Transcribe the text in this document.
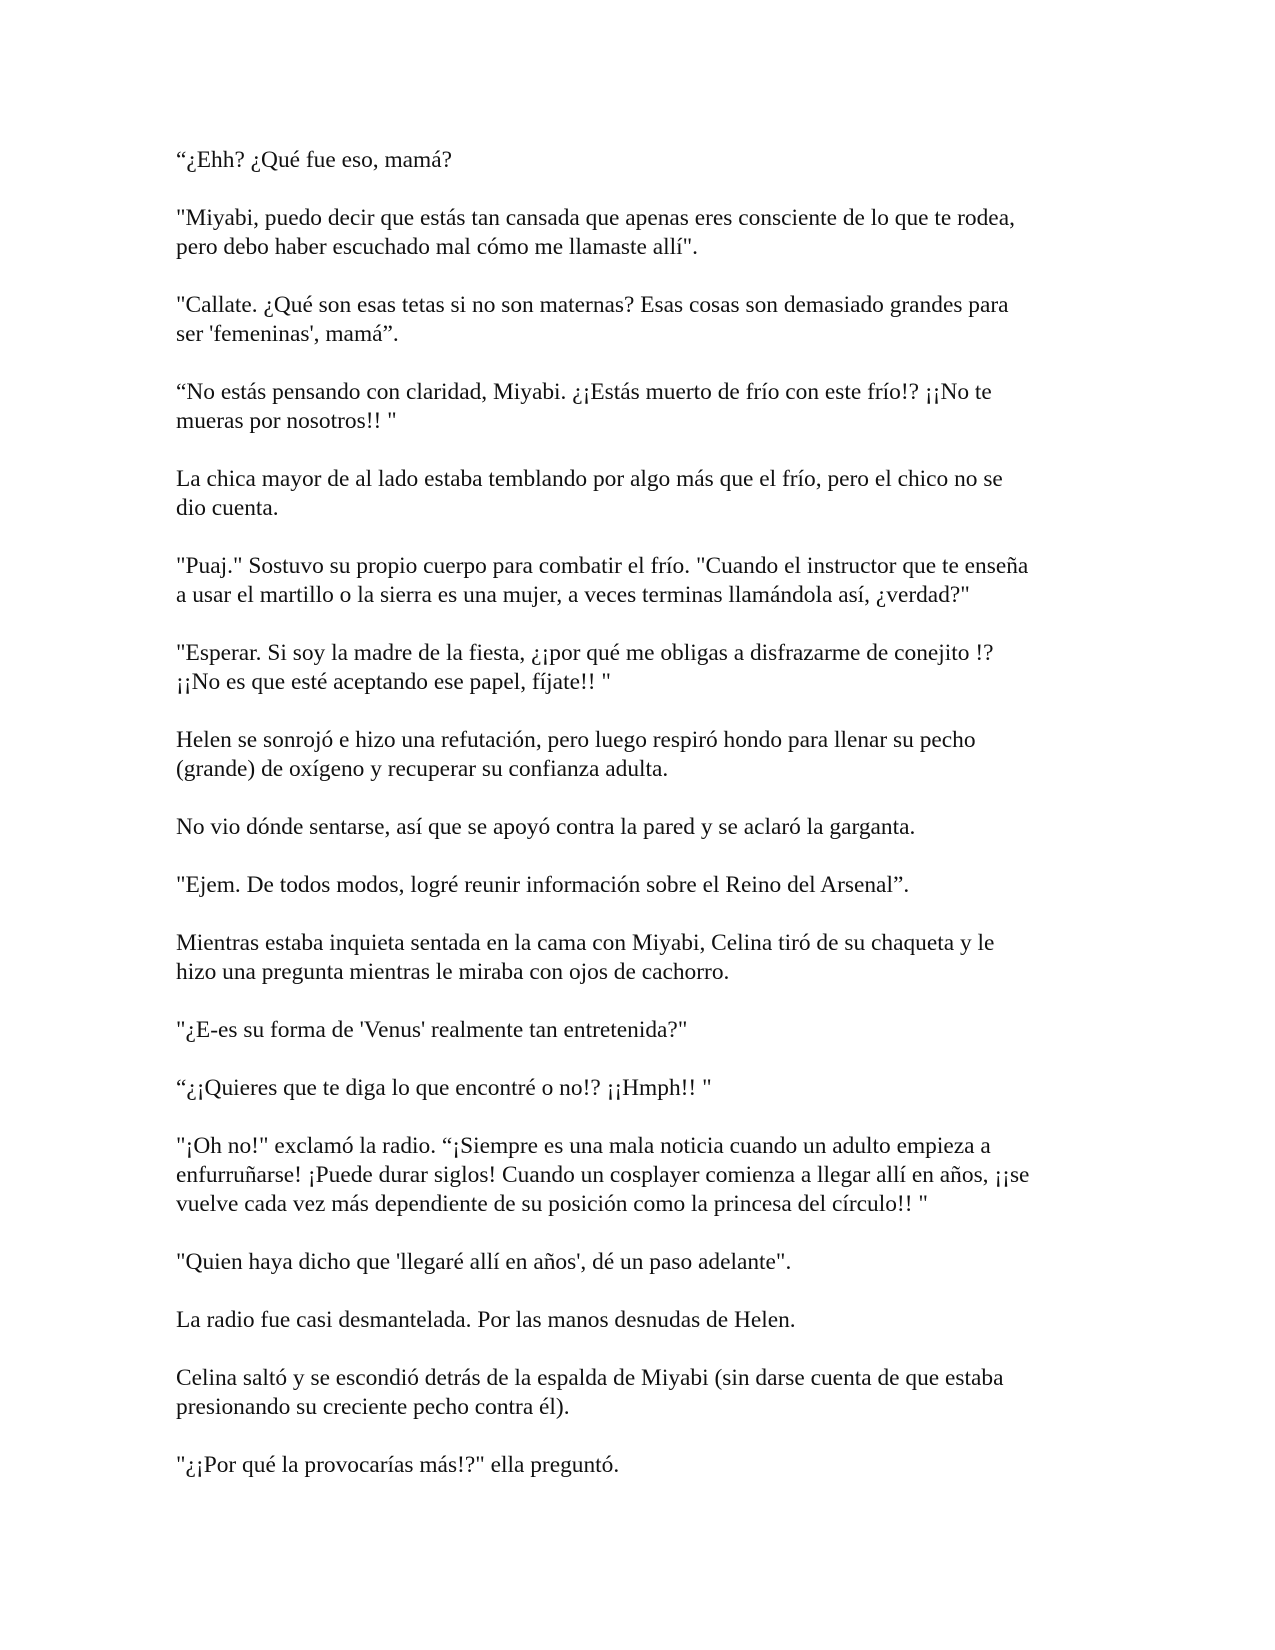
“¿Ehh? ¿Qué fue eso, mamá?

"Miyabi, puedo decir que estás tan cansada que apenas eres consciente de lo que te rodea,
pero debo haber escuchado mal cómo me llamaste allí".

"Callate. ¿Qué son esas tetas si no son maternas? Esas cosas son demasiado grandes para
ser 'femeninas', mamá”.

“No estás pensando con claridad, Miyabi. ¿¡Estás muerto de frío con este frío!? ¡¡No te
mueras por nosotros!! "

La chica mayor de al lado estaba temblando por algo más que el frío, pero el chico no se
dio cuenta.

"Puaj." Sostuvo su propio cuerpo para combatir el frío. "Cuando el instructor que te enseña
a usar el martillo o la sierra es una mujer, a veces terminas llamándola así, ¿verdad?"

"Esperar. Si soy la madre de la fiesta, ¿¡por qué me obligas a disfrazarme de conejito !?
¡¡No es que esté aceptando ese papel, fíjate!! "

Helen se sonrojó e hizo una refutación, pero luego respiró hondo para llenar su pecho
(grande) de oxígeno y recuperar su confianza adulta.

No vio dónde sentarse, así que se apoyó contra la pared y se aclaró la garganta.

"Ejem. De todos modos, logré reunir información sobre el Reino del Arsenal”.

Mientras estaba inquieta sentada en la cama con Miyabi, Celina tiró de su chaqueta y le
hizo una pregunta mientras le miraba con ojos de cachorro.

"¿E-es su forma de 'Venus' realmente tan entretenida?"

“¿¡Quieres que te diga lo que encontré o no!? ¡¡Hmph!! "

"¡Oh no!" exclamó la radio. “¡Siempre es una mala noticia cuando un adulto empieza a
enfurruñarse! ¡Puede durar siglos! Cuando un cosplayer comienza a llegar allí en años, ¡¡se
vuelve cada vez más dependiente de su posición como la princesa del círculo!! "

"Quien haya dicho que 'llegaré allí en años', dé un paso adelante".

La radio fue casi desmantelada. Por las manos desnudas de Helen.

Celina saltó y se escondió detrás de la espalda de Miyabi (sin darse cuenta de que estaba
presionando su creciente pecho contra él).

"¿¡Por qué la provocarías más!?" ella preguntó.
